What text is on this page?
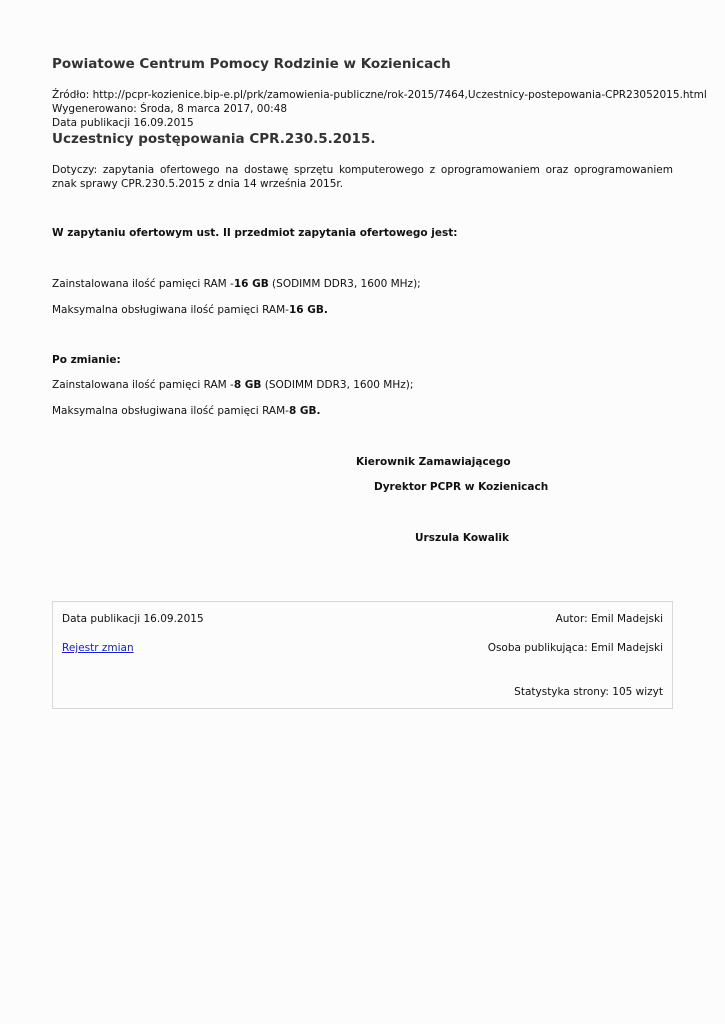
Powiatowe Centrum Pomocy Rodzinie w Kozienicach
Źródło: http://pcpr-kozienice.bip-e.pl/prk/zamowienia-publiczne/rok-2015/7464,Uczestnicy-postepowania-CPR23052015.html
Wygenerowano: Środa, 8 marca 2017, 00:48
Data publikacji 16.09.2015
Uczestnicy postępowania CPR.230.5.2015.
Dotyczy: zapytania ofertowego na dostawę sprzętu komputerowego z oprogramowaniem oraz oprogramowaniem znak sprawy CPR.230.5.2015 z dnia 14 września 2015r.
W zapytaniu ofertowym ust. II przedmiot zapytania ofertowego jest:
Zainstalowana ilość pamięci RAM -16 GB (SODIMM DDR3, 1600 MHz);
Maksymalna obsługiwana ilość pamięci RAM-16 GB.
Po zmianie:
Zainstalowana ilość pamięci RAM -8 GB (SODIMM DDR3, 1600 MHz);
Maksymalna obsługiwana ilość pamięci RAM-8 GB.
Kierownik Zamawiającego
Dyrektor PCPR w Kozienicach
Urszula Kowalik
Data publikacji 16.09.2015	Autor: Emil Madejski
Rejestr zmian	Osoba publikująca: Emil Madejski
Statystyka strony: 105 wizyt
